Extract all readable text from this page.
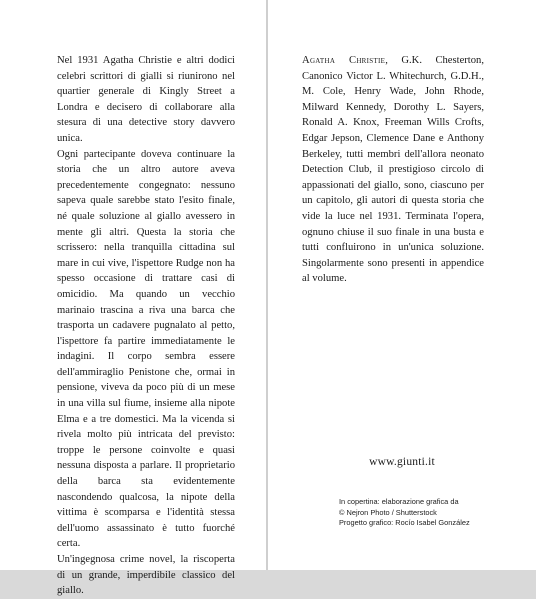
Nel 1931 Agatha Christie e altri dodici celebri scrittori di gialli si riunirono nel quartier generale di Kingly Street a Londra e decisero di collaborare alla stesura di una detective story davvero unica.

Ogni partecipante doveva continuare la storia che un altro autore aveva precedentemente congegnato: nessuno sapeva quale sarebbe stato l'esito finale, né quale soluzione al giallo avessero in mente gli altri. Questa la storia che scrissero: nella tranquilla cittadina sul mare in cui vive, l'ispettore Rudge non ha spesso occasione di trattare casi di omicidio. Ma quando un vecchio marinaio trascina a riva una barca che trasporta un cadavere pugnalato al petto, l'ispettore fa partire immediatamente le indagini. Il corpo sembra essere dell'ammiraglio Penistone che, ormai in pensione, viveva da poco più di un mese in una villa sul fiume, insieme alla nipote Elma e a tre domestici. Ma la vicenda si rivela molto più intricata del previsto: troppe le persone coinvolte e quasi nessuna disposta a parlare. Il proprietario della barca sta evidentemente nascondendo qualcosa, la nipote della vittima è scomparsa e l'identità stessa dell'uomo assassinato è tutto fuorché certa.

Un'ingegnosa crime novel, la riscoperta di un grande, imperdibile classico del giallo.

Agatha Christie, G.K. Chesterton, Canonico Victor L. Whitechurch, G.D.H., M. Cole, Henry Wade, John Rhode, Milward Kennedy, Dorothy L. Sayers, Ronald A. Knox, Freeman Wills Crofts, Edgar Jepson, Clemence Dane e Anthony Berkeley, tutti membri dell'allora neonato Detection Club, il prestigioso circolo di appassionati del giallo, sono, ciascuno per un capitolo, gli autori di questa storia che vide la luce nel 1931. Terminata l'opera, ognuno chiuse il suo finale in una busta e tutti confluirono in un'unica soluzione. Singolarmente sono presenti in appendice al volume.

www.giunti.it
In copertina: elaborazione grafica da
© Nejron Photo / Shutterstock
Progetto grafico: Rocío Isabel González
